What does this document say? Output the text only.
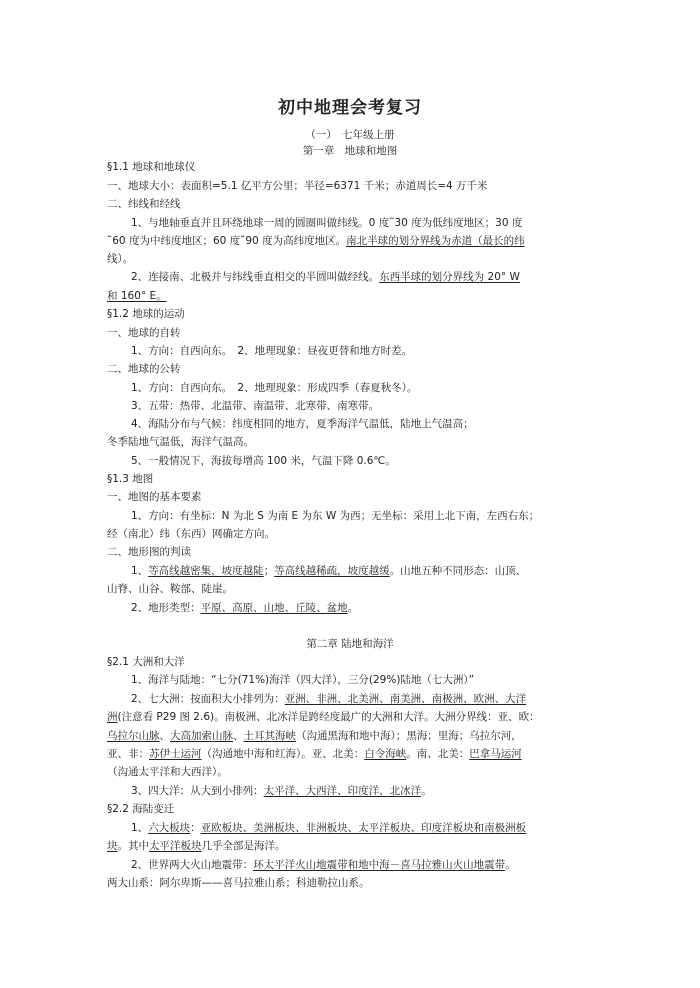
初中地理会考复习
（一）　七年级上册
第一章　地球和地图
§1.1 地球和地球仪
一、地球大小：表面积=5.1 亿平方公里；半径=6371 千米；赤道周长=4 万千米
二、纬线和经线
1、与地轴垂直并且环绕地球一周的圆圈叫做纬线。0 度˜30 度为低纬度地区；30 度
˜60 度为中纬度地区；60 度˜90 度为高纬度地区。南北半球的划分界线为赤道（最长的纬
线）。
2、连接南、北极并与纬线垂直相交的半圆叫做经线。东西半球的划分界线为 20° W
和 160° E。
§1.2 地球的运动
一、地球的自转
1、方向：自西向东。　2、地理现象：昼夜更替和地方时差。
二、地球的公转
1、方向：自西向东。　2、地理现象：形成四季（春夏秋冬）。
3、五带：热带、北温带、南温带、北寒带、南寒带。
4、海陆分布与气候：纬度相同的地方，夏季海洋气温低，陆地上气温高；
冬季陆地气温低，海洋气温高。
5、一般情况下，海拔每增高 100 米，气温下降 0.6℃。
§1.3 地图
一、地图的基本要素
1、方向：有坐标：N 为北 S 为南 E 为东 W 为西；无坐标：采用上北下南，左西右东；
经（南北）纬（东西）网确定方向。
二、地形图的判读
1、等高线越密集，坡度越陡；等高线越稀疏，坡度越缓。山地五种不同形态：山顶、
山脊、山谷、鞍部、陡崖。
2、地形类型：平原、高原、山地、丘陵、盆地。
第二章 陆地和海洋
§2.1 大洲和大洋
1、海洋与陆地：“七分(71%)海洋（四大洋），三分(29%)陆地（七大洲）”
2、七大洲：按面积大小排列为：亚洲、非洲、北美洲、南美洲、南极洲、欧洲、大洋
洲(注意看 P29 图 2.6)。南极洲、北冰洋是跨经度最广的大洲和大洋。大洲分界线：亚、欧：
乌拉尔山脉、大高加索山脉、土耳其海峡（沟通黑海和地中海）；黑海；里海；乌拉尔河，
亚、非：苏伊士运河（沟通地中海和红海）。亚、北美：白令海峡。南、北美：巴拿马运河
（沟通太平洋和大西洋）。
3、四大洋：从大到小排列：太平洋、大西洋、印度洋、北冰洋。
§2.2 海陆变迁
1、六大板块：亚欧板块、美洲板块、非洲板块、太平洋板块、印度洋板块和南极洲板
块。其中太平洋板块几乎全部是海洋。
2、世界两大火山地震带：环太平洋火山地震带和地中海－喜马拉雅山火山地震带。
两大山系：阿尔卑斯——喜马拉雅山系；科迪勒拉山系。
